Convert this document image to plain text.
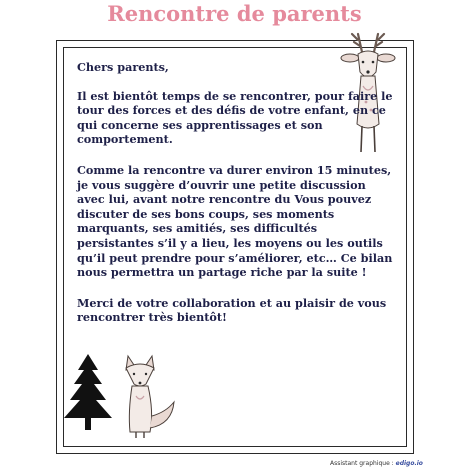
Rencontre de parents

Chers parents,

Il est bientôt temps de se rencontrer, pour faire le tour des forces et des défis de votre enfant, en ce qui concerne ses apprentissages et son comportement.

Comme la rencontre va durer environ 15 minutes, je vous suggère d’ouvrir une petite discussion avec lui, avant notre rencontre du Vous pouvez discuter de ses bons coups, ses moments marquants, ses amitiés, ses difficultés persistantes s’il y a lieu, les moyens ou les outils qu’il peut prendre pour s’améliorer, etc… Ce bilan nous permettra un partage riche par la suite !

Merci de votre collaboration et au plaisir de vous rencontrer très bientôt!

Assistant graphique : edigo.io
